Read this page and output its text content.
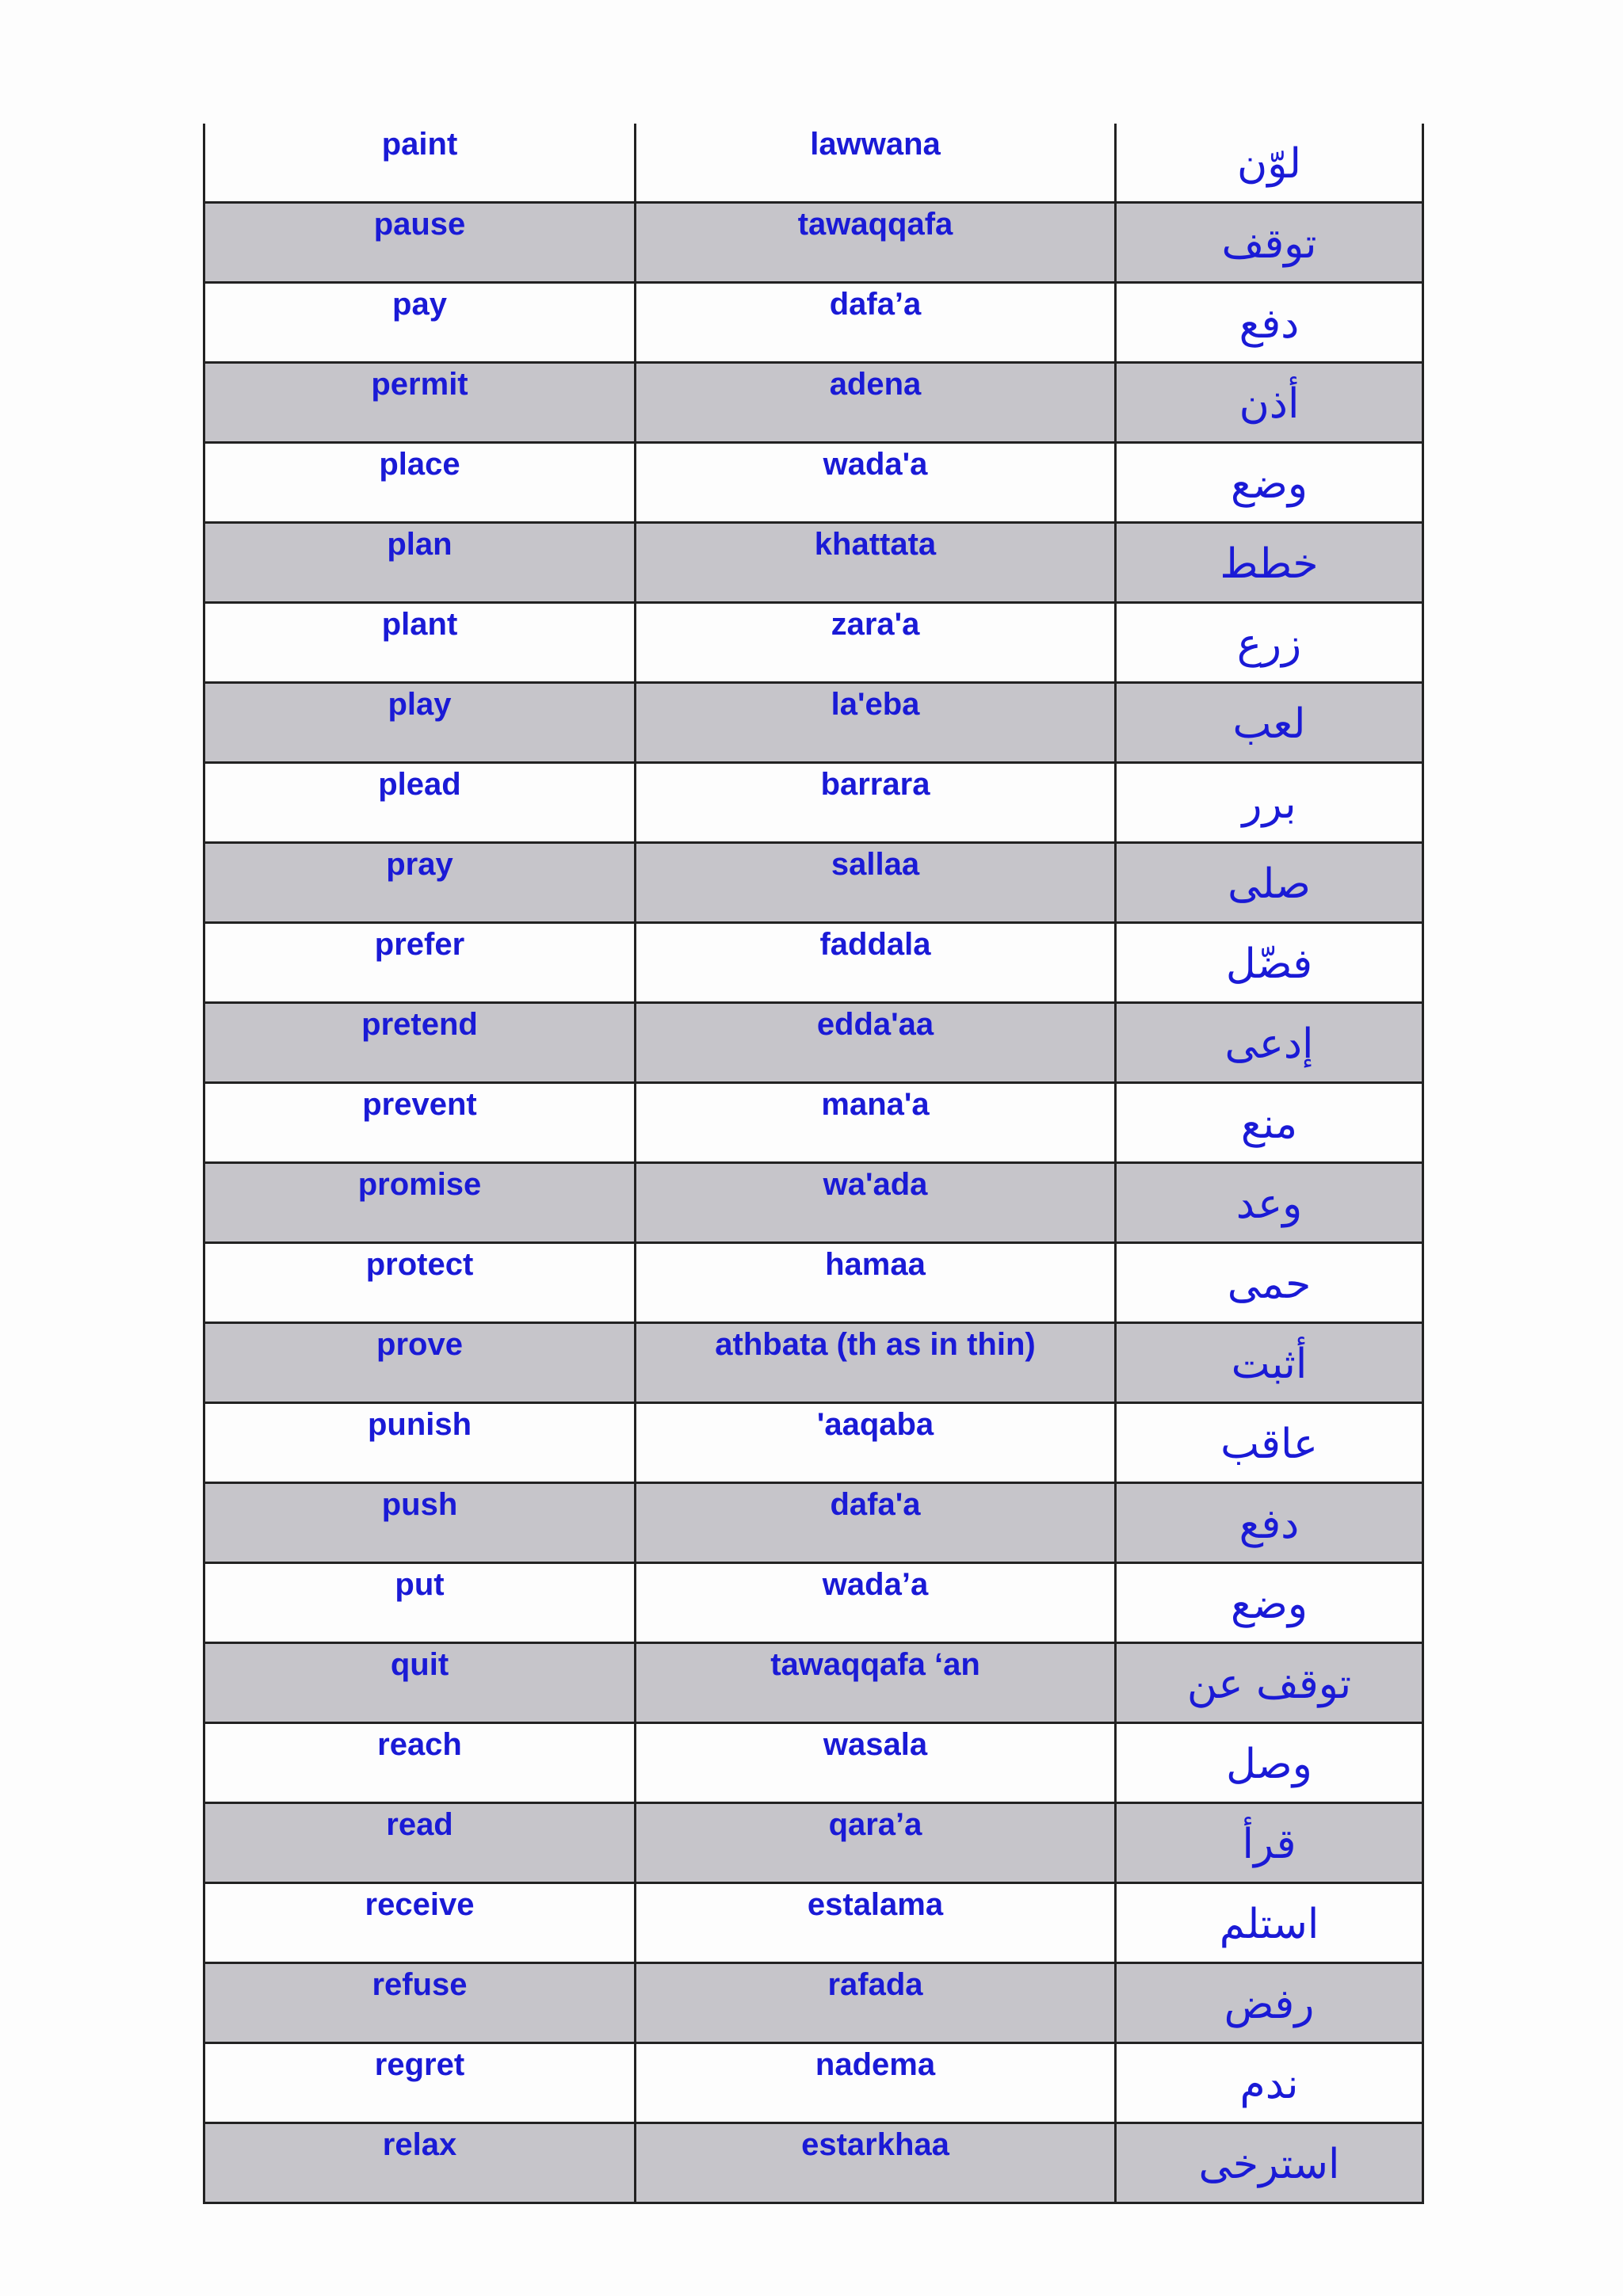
paint	lawwana	لوّن
pause	tawaqqafa	توقف
pay	dafa’a	دفع
permit	adena	أذن
place	wada'a	وضع
plan	khattata	خطط
plant	zara'a	زرع
play	la'eba	لعب
plead	barrara	برر
pray	sallaa	صلى
prefer	faddala	فضّل
pretend	edda'aa	إدعى
prevent	mana'a	منع
promise	wa'ada	وعد
protect	hamaa	حمى
prove	athbata (th as in thin)	أثبت
punish	'aaqaba	عاقب
push	dafa'a	دفع
put	wada’a	وضع
quit	tawaqqafa ‘an	توقف عن
reach	wasala	وصل
read	qara’a	قرأ
receive	estalama	استلم
refuse	rafada	رفض
regret	nadema	ندم
relax	estarkhaa	استرخى
